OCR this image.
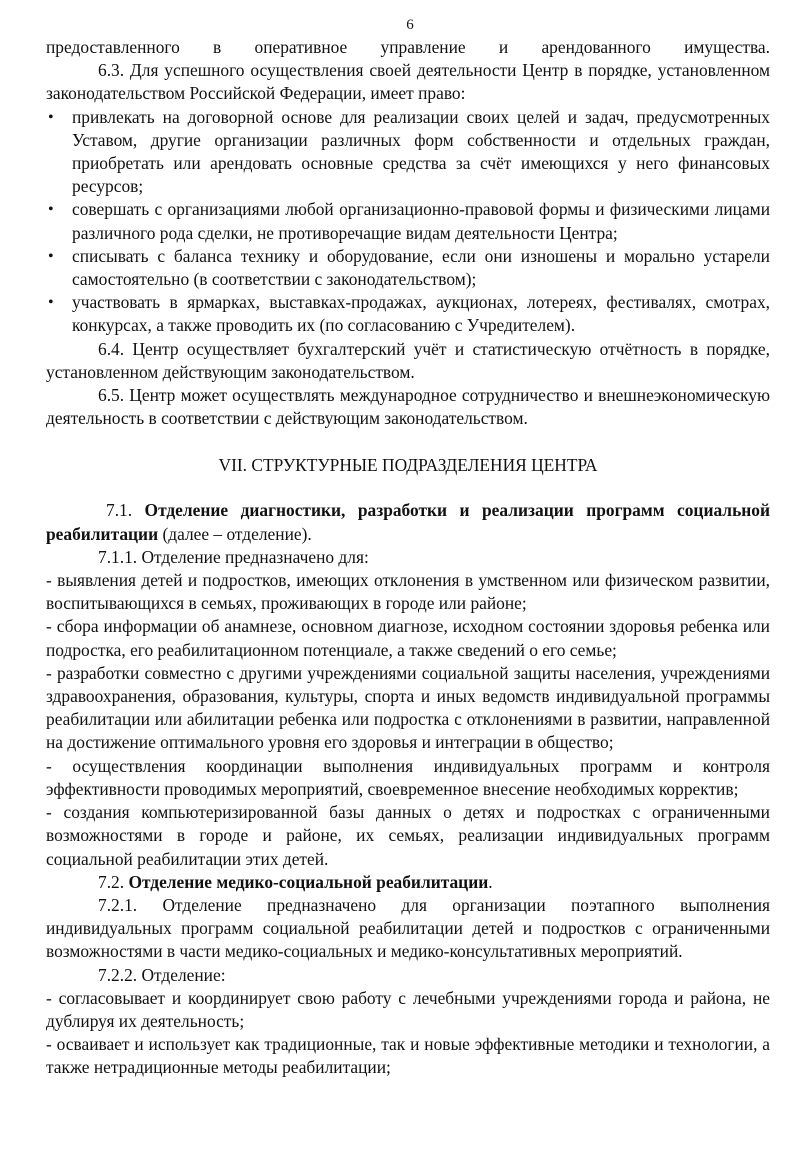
6

предоставленного в оперативное управление и арендованного имущества.

6.3. Для успешного осуществления своей деятельности Центр в порядке, установленном законодательством Российской Федерации, имеет право:

• привлекать на договорной основе для реализации своих целей и задач, предусмотренных Уставом, другие организации различных форм собственности и отдельных граждан, приобретать или арендовать основные средства за счёт имеющихся у него финансовых ресурсов;
• совершать с организациями любой организационно-правовой формы и физическими лицами различного рода сделки, не противоречащие видам деятельности Центра;
• списывать с баланса технику и оборудование, если они изношены и морально устарели самостоятельно (в соответствии с законодательством);
• участвовать в ярмарках, выставках-продажах, аукционах, лотереях, фестивалях, смотрах, конкурсах, а также проводить их (по согласованию с Учредителем).

6.4. Центр осуществляет бухгалтерский учёт и статистическую отчётность в порядке, установленном действующим законодательством.

6.5. Центр может осуществлять международное сотрудничество и внешнеэкономическую деятельность в соответствии с действующим законодательством.

VII. СТРУКТУРНЫЕ ПОДРАЗДЕЛЕНИЯ ЦЕНТРА

7.1. Отделение диагностики, разработки и реализации программ социальной реабилитации (далее – отделение).

7.1.1. Отделение предназначено для:

- выявления детей и подростков, имеющих отклонения в умственном или физическом развитии, воспитывающихся в семьях, проживающих в городе или районе;

- сбора информации об анамнезе, основном диагнозе, исходном состоянии здоровья ребенка или подростка, его реабилитационном потенциале, а также сведений о его семье;

- разработки совместно с другими учреждениями социальной защиты населения, учреждениями здравоохранения, образования, культуры, спорта и иных ведомств индивидуальной программы реабилитации или абилитации ребенка или подростка с отклонениями в развитии, направленной на достижение оптимального уровня его здоровья и интеграции в общество;

- осуществления координации выполнения индивидуальных программ и контроля эффективности проводимых мероприятий, своевременное внесение необходимых корректив;

- создания компьютеризированной базы данных о детях и подростках с ограниченными возможностями в городе и районе, их семьях, реализации индивидуальных программ социальной реабилитации этих детей.

7.2. Отделение медико-социальной реабилитации.

7.2.1. Отделение предназначено для организации поэтапного выполнения индивидуальных программ социальной реабилитации детей и подростков с ограниченными возможностями в части медико-социальных и медико-консультативных мероприятий.

7.2.2. Отделение:

- согласовывает и координирует свою работу с лечебными учреждениями города и района, не дублируя их деятельность;

- осваивает и использует как традиционные, так и новые эффективные методики и технологии, а также нетрадиционные методы реабилитации;
